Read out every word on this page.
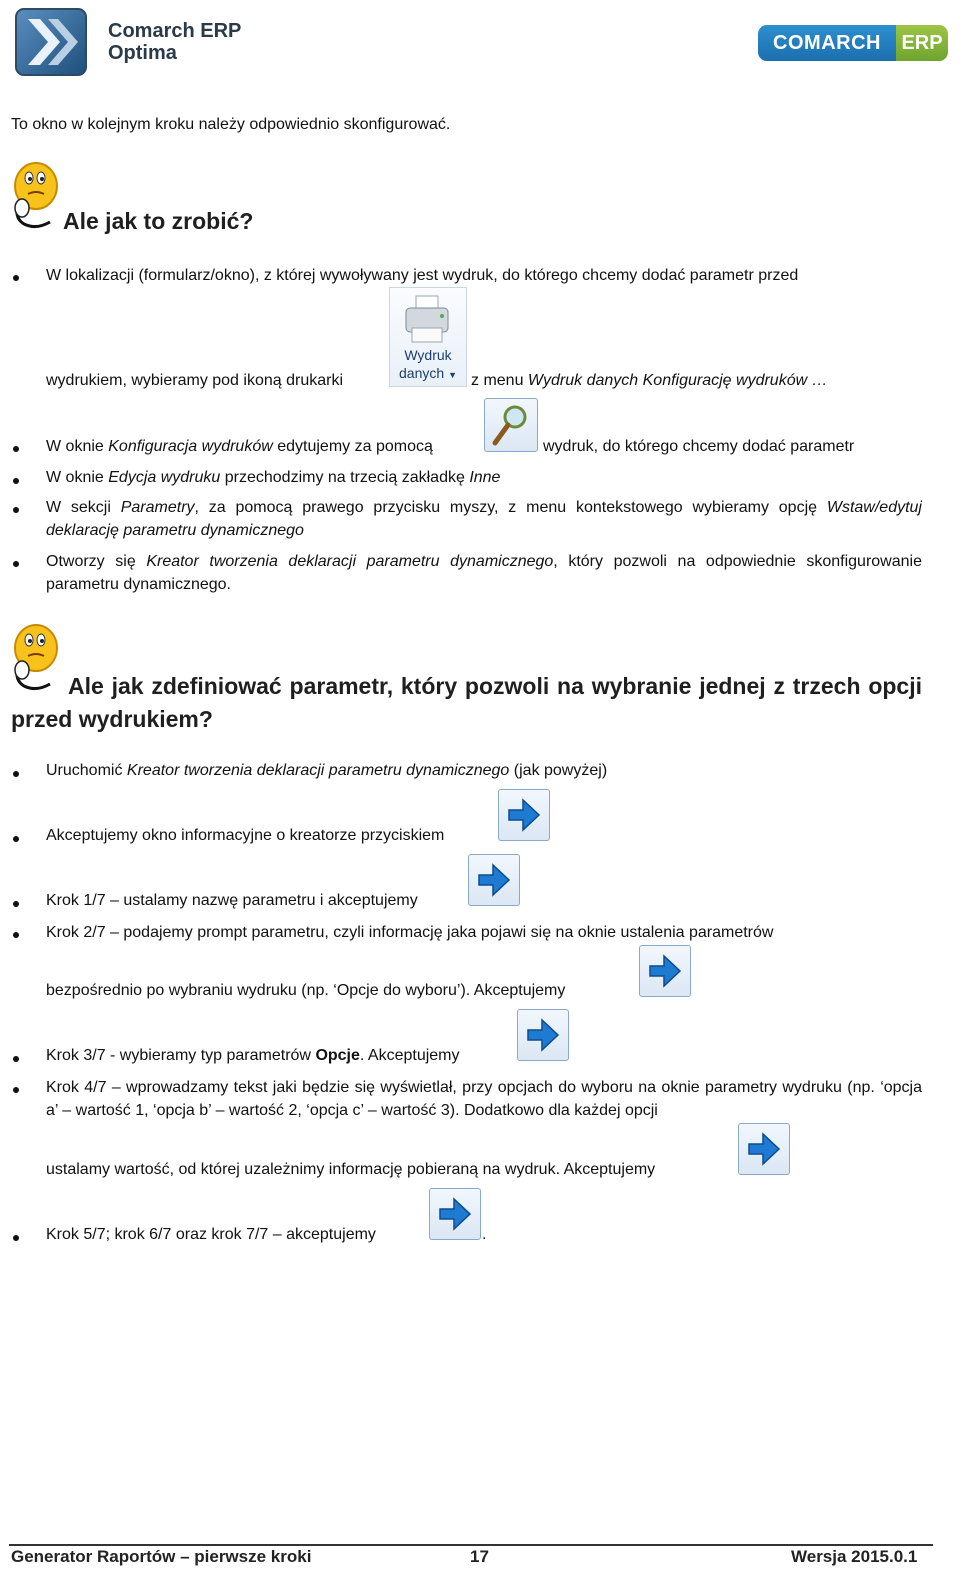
Comarch ERP
Optima	COMARCH	ERP
To okno w kolejnym kroku należy odpowiednio skonfigurować.
Ale jak to zrobić?
W lokalizacji (formularz/okno), z której wywoływany jest wydruk, do którego chcemy dodać parametr przed
Wydruk
danych ▼
wydrukiem, wybieramy pod ikoną drukarki	z menu Wydruk danych Konfigurację wydruków …
W oknie Konfiguracja wydruków edytujemy za pomocą	wydruk, do którego chcemy dodać parametr
W oknie Edycja wydruku przechodzimy na trzecią zakładkę Inne
W sekcji Parametry, za pomocą prawego przycisku myszy, z menu kontekstowego wybieramy opcję Wstaw/edytuj deklarację parametru dynamicznego
Otworzy się Kreator tworzenia deklaracji parametru dynamicznego, który pozwoli na odpowiednie skonfigurowanie parametru dynamicznego.
Ale jak zdefiniować parametr, który pozwoli na wybranie jednej z trzech opcji przed wydrukiem?
Uruchomić Kreator tworzenia deklaracji parametru dynamicznego (jak powyżej)
Akceptujemy okno informacyjne o kreatorze przyciskiem
Krok 1/7 – ustalamy nazwę parametru i akceptujemy
Krok 2/7 – podajemy prompt parametru, czyli informację jaka pojawi się na oknie ustalenia parametrów
bezpośrednio po wybraniu wydruku (np. ‘Opcje do wyboru’). Akceptujemy
Krok 3/7 - wybieramy typ parametrów Opcje. Akceptujemy
Krok 4/7 – wprowadzamy tekst jaki będzie się wyświetlał, przy opcjach do wyboru na oknie parametry wydruku (np. ‘opcja a’ – wartość 1, ‘opcja b’ – wartość 2, ‘opcja c’ – wartość 3). Dodatkowo dla każdej opcji
ustalamy wartość, od której uzależnimy informację pobieraną na wydruk. Akceptujemy
Krok 5/7; krok 6/7 oraz krok 7/7 – akceptujemy	.
Generator Raportów – pierwsze kroki	17	Wersja 2015.0.1
